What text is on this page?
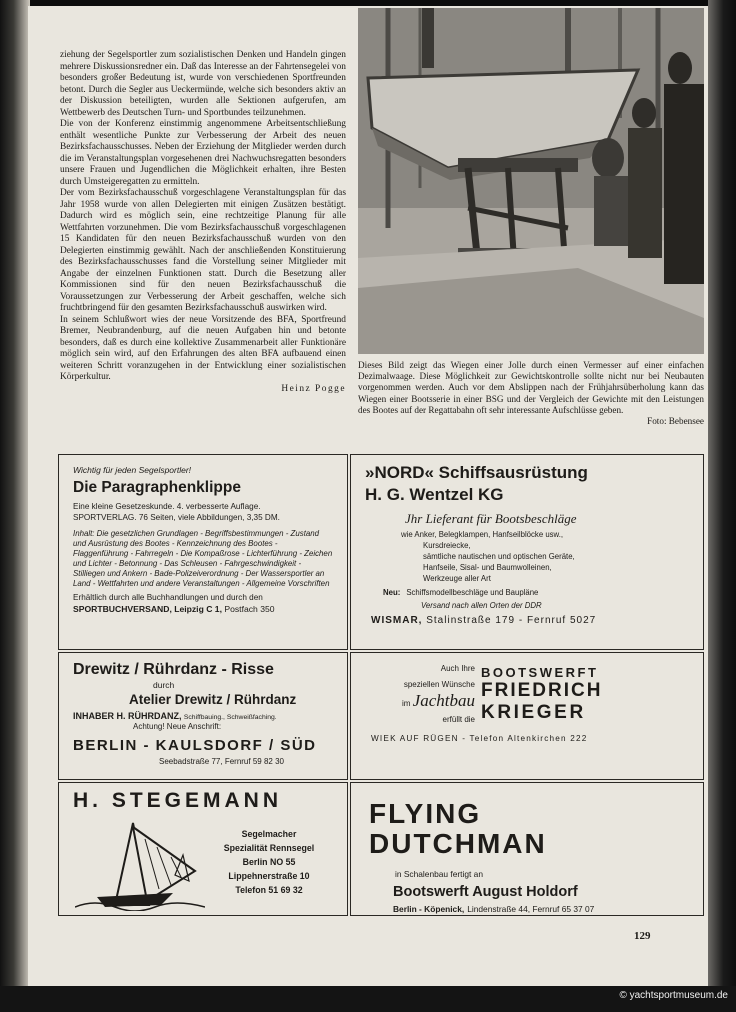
ziehung der Segelsportler zum sozialistischen Denken und Handeln gingen mehrere Diskussionsredner ein. Daß das Interesse an der Fahrtensegelei von besonders großer Bedeutung ist, wurde von verschiedenen Sportfreunden betont. Durch die Segler aus Ueckermünde, welche sich besonders aktiv an der Diskussion beteiligten, wurden alle Sektionen aufgerufen, am Wettbewerb des Deutschen Turn- und Sportbundes teilzunehmen.

Die von der Konferenz einstimmig angenommene Arbeitsentschließung enthält wesentliche Punkte zur Verbesserung der Arbeit des neuen Bezirksfachausschusses. Neben der Erziehung der Mitglieder werden durch die im Veranstaltungsplan vorgesehenen drei Nachwuchsregatten besonders unsere Frauen und Jugendlichen die Möglichkeit erhalten, ihre Besten durch Umsteigeregatten zu ermitteln.

Der vom Bezirksfachausschuß vorgeschlagene Veranstaltungsplan für das Jahr 1958 wurde von allen Delegierten mit einigen Zusätzen bestätigt. Dadurch wird es möglich sein, eine rechtzeitige Planung für alle Wettfahrten vorzunehmen. Die vom Bezirksfachausschuß vorgeschlagenen 15 Kandidaten für den neuen Bezirksfachausschuß wurden von den Delegierten einstimmig gewählt. Nach der anschließenden Konstituierung des Bezirksfachausschusses fand die Vorstellung seiner Mitglieder mit Angabe der einzelnen Funktionen statt. Durch die Besetzung aller Kommissionen sind für den neuen Bezirksfachausschuß die Voraussetzungen zur Verbesserung der Arbeit geschaffen, welche sich fruchtbringend für den gesamten Bezirksfachausschuß auswirken wird.

In seinem Schlußwort wies der neue Vorsitzende des BFA, Sportfreund Bremer, Neubrandenburg, auf die neuen Aufgaben hin und betonte besonders, daß es durch eine kollektive Zusammenarbeit aller Funktionäre möglich sein wird, auf den Erfahrungen des alten BFA aufbauend einen weiteren Schritt voranzugehen in der Entwicklung einer sozialistischen Körperkultur.

Heinz Pogge
Dieses Bild zeigt das Wiegen einer Jolle durch einen Vermesser auf einer einfachen Dezimalwaage. Diese Möglichkeit zur Gewichtskontrolle sollte nicht nur bei Neubauten vorgenommen werden. Auch vor dem Abslippen nach der Frühjahrsüberholung kann das Wiegen einer Bootsserie in einer BSG und der Vergleich der Gewichte mit den Leistungen des Bootes auf der Regattabahn oft sehr interessante Aufschlüsse geben.
Foto: Bebensee
Wichtig für jeden Segelsportler!
Die Paragraphenklippe
Eine kleine Gesetzeskunde. 4. verbesserte Auflage.
SPORTVERLAG. 76 Seiten, viele Abbildungen, 3,35 DM.
Inhalt: Die gesetzlichen Grundlagen - Begriffsbestimmungen - Zustand und Ausrüstung des Bootes - Kennzeichnung des Bootes - Flaggenführung - Fahrregeln - Die Kompaßrose - Lichterführung - Zeichen und Lichter - Betonnung - Das Schleusen - Fahrgeschwindigkeit - Stilliegen und Ankern - Bade-Polizeiverordnung - Der Wassersportler an Land - Wettfahrten und andere Veranstaltungen - Allgemeine Vorschriften
Erhältlich durch alle Buchhandlungen und durch den
SPORTBUCHVERSAND, Leipzig C 1, Postfach 350
»NORD« Schiffsausrüstung
H. G. Wentzel KG
Jhr Lieferant für Bootsbeschläge
wie Anker, Belegklampen, Hanfseilblöcke usw.,
Kursdreiecke,
sämtliche nautischen und optischen Geräte,
Hanfseile, Sisal- und Baumwolleinen,
Werkzeuge aller Art
Neu: Schiffsmodellbeschläge und Baupläne
Versand nach allen Orten der DDR
WISMAR, Stalinstraße 179 - Fernruf 5027
Drewitz / Rührdanz - Risse
durch
Atelier Drewitz / Rührdanz
INHABER H. RÜHRDANZ, Schiffbauing., Schweißfaching.
Achtung! Neue Anschrift:
BERLIN - KAULSDORF / SÜD
Seebadstraße 77, Fernruf 59 82 30
Auch Ihre
speziellen Wünsche
im Jachtbau
erfüllt die
BOOTSWERFT
FRIEDRICH
KRIEGER
WIEK AUF RÜGEN - Telefon Altenkirchen 222
H. STEGEMANN
Segelmacher
Spezialität Rennsegel
Berlin NO 55
Lippehnerstraße 10
Telefon 51 69 32
FLYING
DUTCHMAN
in Schalenbau fertigt an
Bootswerft August Holdorf
Berlin - Köpenick, Lindenstraße 44, Fernruf 65 37 07
129
© yachtsportmuseum.de
